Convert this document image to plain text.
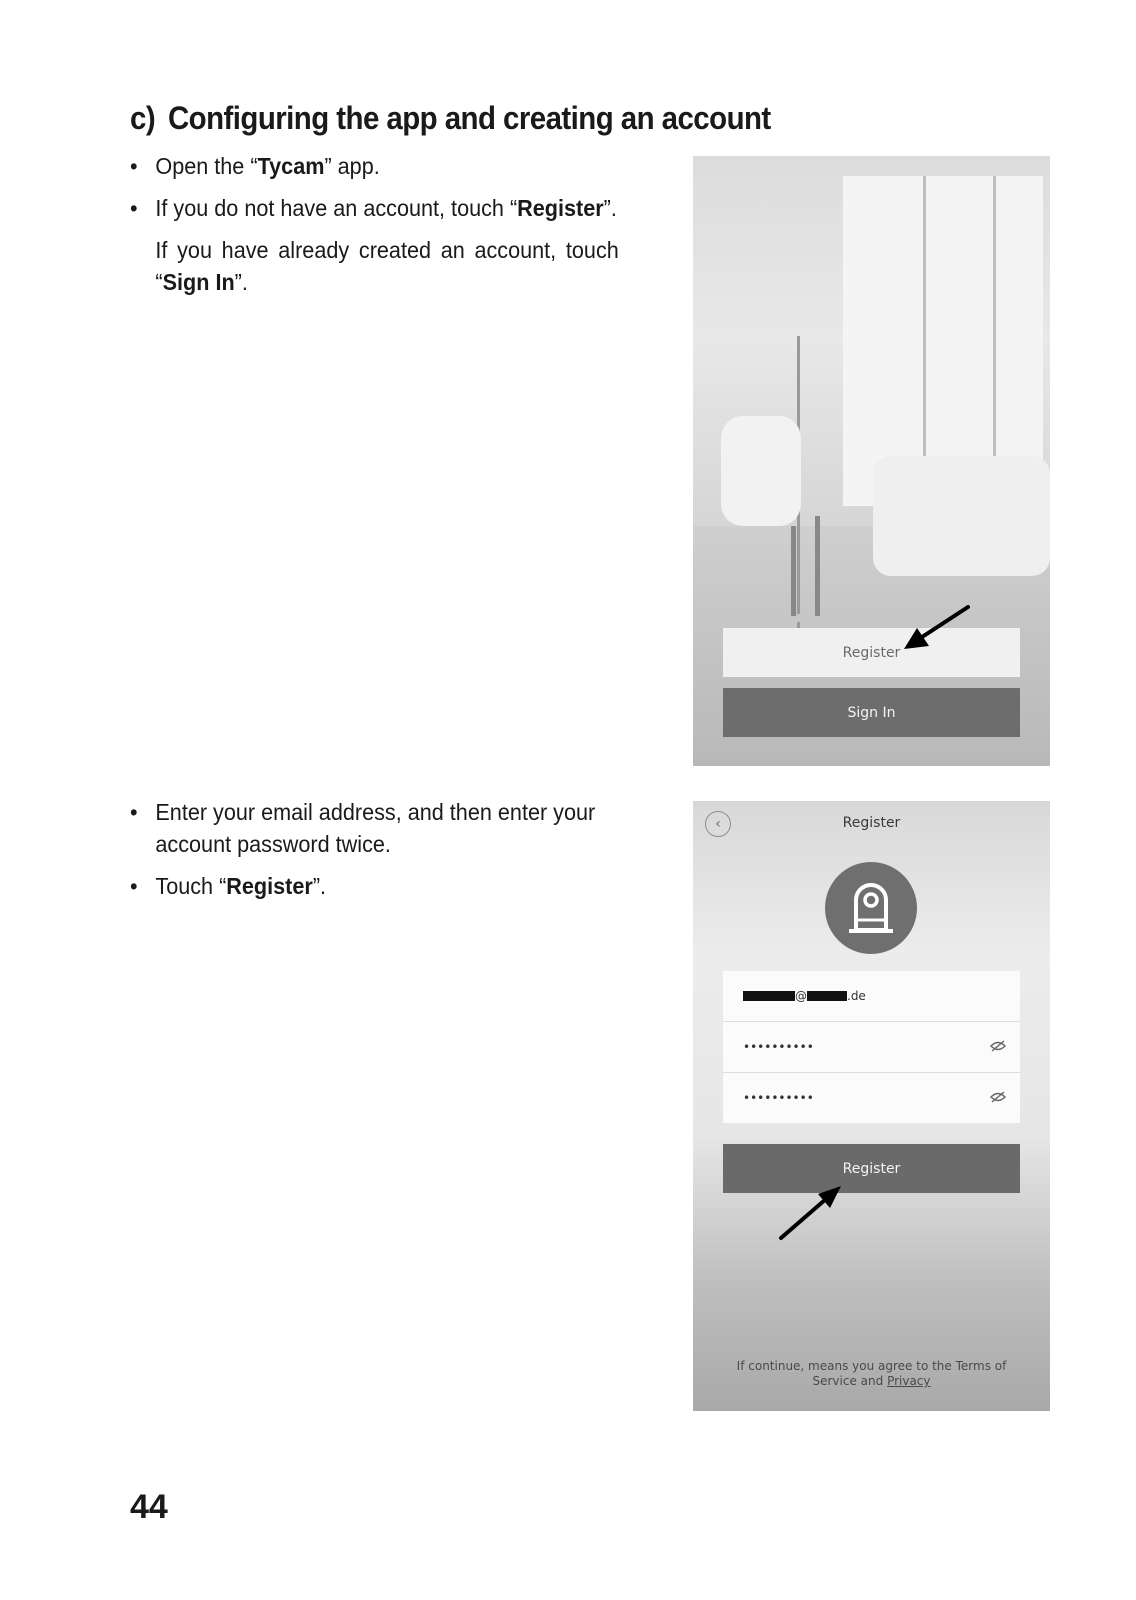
c) Configuring the app and creating an account
• Open the “Tycam” app.
• If you do not have an account, touch “Register”.
If you have already created an account, touch “Sign In”.
Register
Sign In
• Enter your email address, and then enter your account password twice.
• Touch “Register”.
‹	Register
@	.de
••••••••••
••••••••••
Register
If continue, means you agree to the Terms of Service and Privacy
44
